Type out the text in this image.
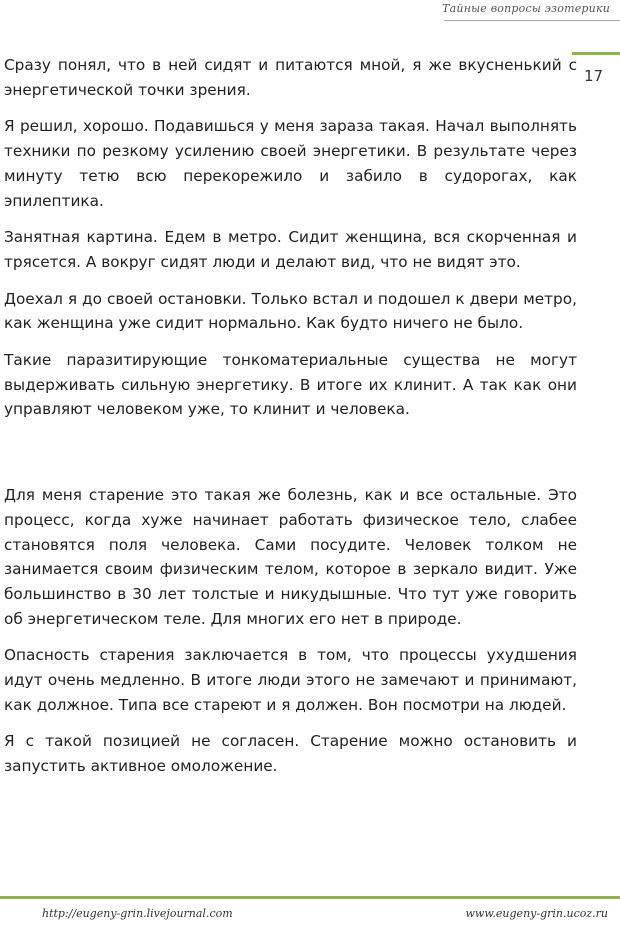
Тайные вопросы эзотерики
17

Сразу понял, что в ней сидят и питаются мной, я же вкусненький с энергетической точки зрения.

Я решил, хорошо. Подавишься у меня зараза такая. Начал выполнять техники по резкому усилению своей энергетики. В результате через минуту тетю всю перекорежило и забило в судорогах, как эпилептика.

Занятная картина. Едем в метро. Сидит женщина, вся скорченная и трясется. А вокруг сидят люди и делают вид, что не видят это.

Доехал я до своей остановки. Только встал и подошел к двери метро, как женщина уже сидит нормально. Как будто ничего не было.

Такие паразитирующие тонкоматериальные существа не могут выдерживать сильную энергетику. В итоге их клинит. А так как они управляют человеком уже, то клинит и человека.

Для меня старение это такая же болезнь, как и все остальные. Это процесс, когда хуже начинает работать физическое тело, слабее становятся поля человека. Сами посудите. Человек толком не занимается своим физическим телом, которое в зеркало видит. Уже большинство в 30 лет толстые и никудышные. Что тут уже говорить об энергетическом теле. Для многих его нет в природе.

Опасность старения заключается в том, что процессы ухудшения идут очень медленно. В итоге люди этого не замечают и принимают, как должное. Типа все стареют и я должен. Вон посмотри на людей.

Я с такой позицией не согласен. Старение можно остановить и запустить активное омоложение.

http://eugeny-grin.livejournal.com	www.eugeny-grin.ucoz.ru
